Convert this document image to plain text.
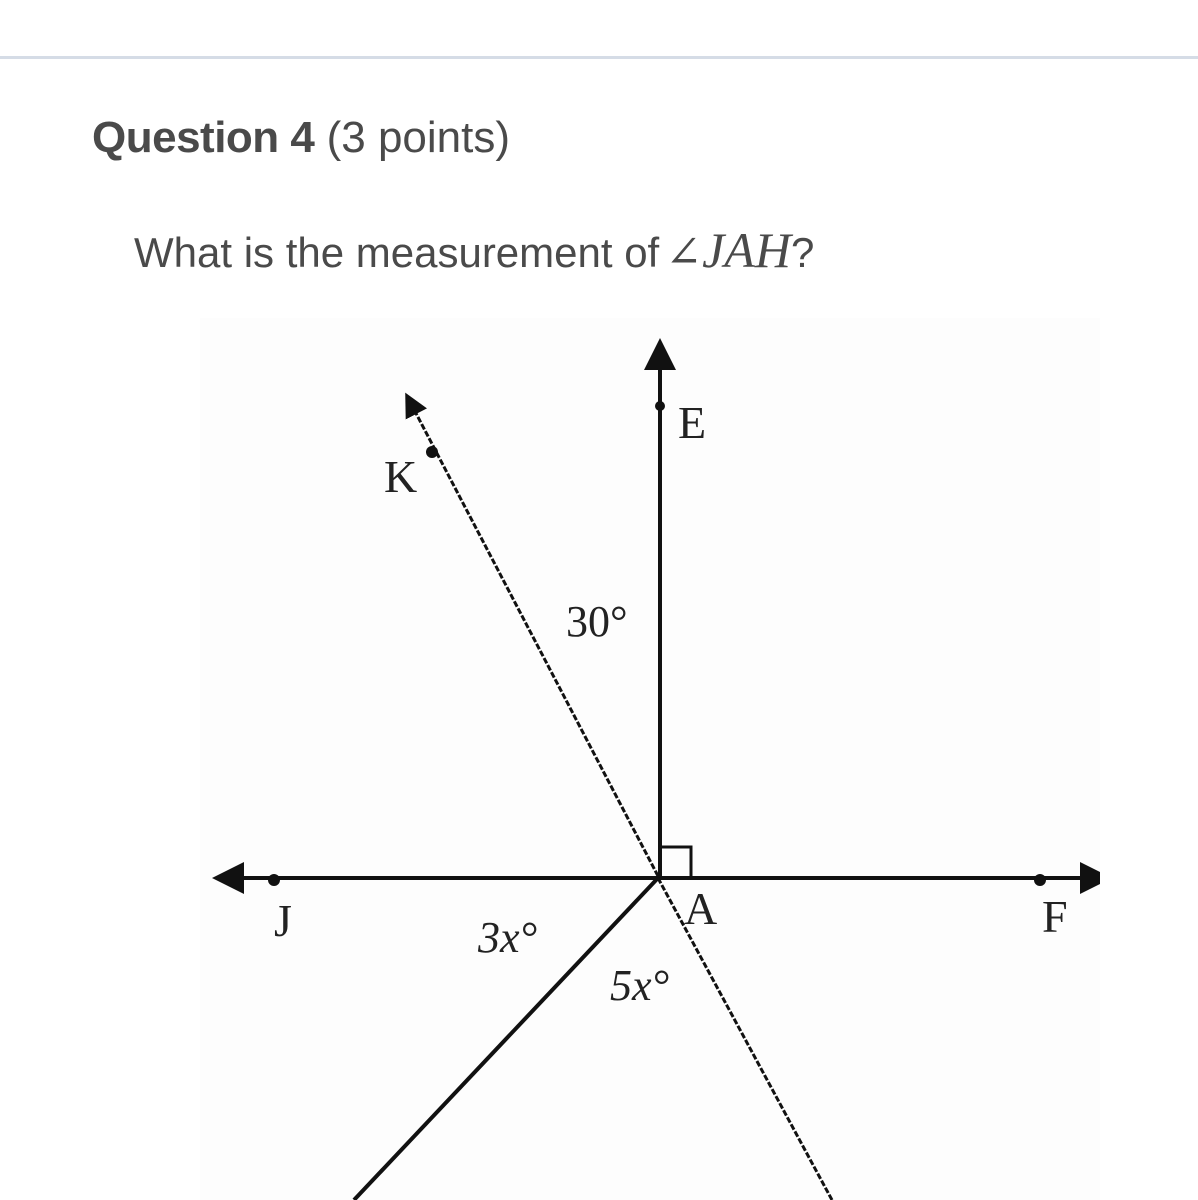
Question 4 (3 points)
What is the measurement of ∠JAH?
E
K
J	A	F
30°
3x°
5x°
